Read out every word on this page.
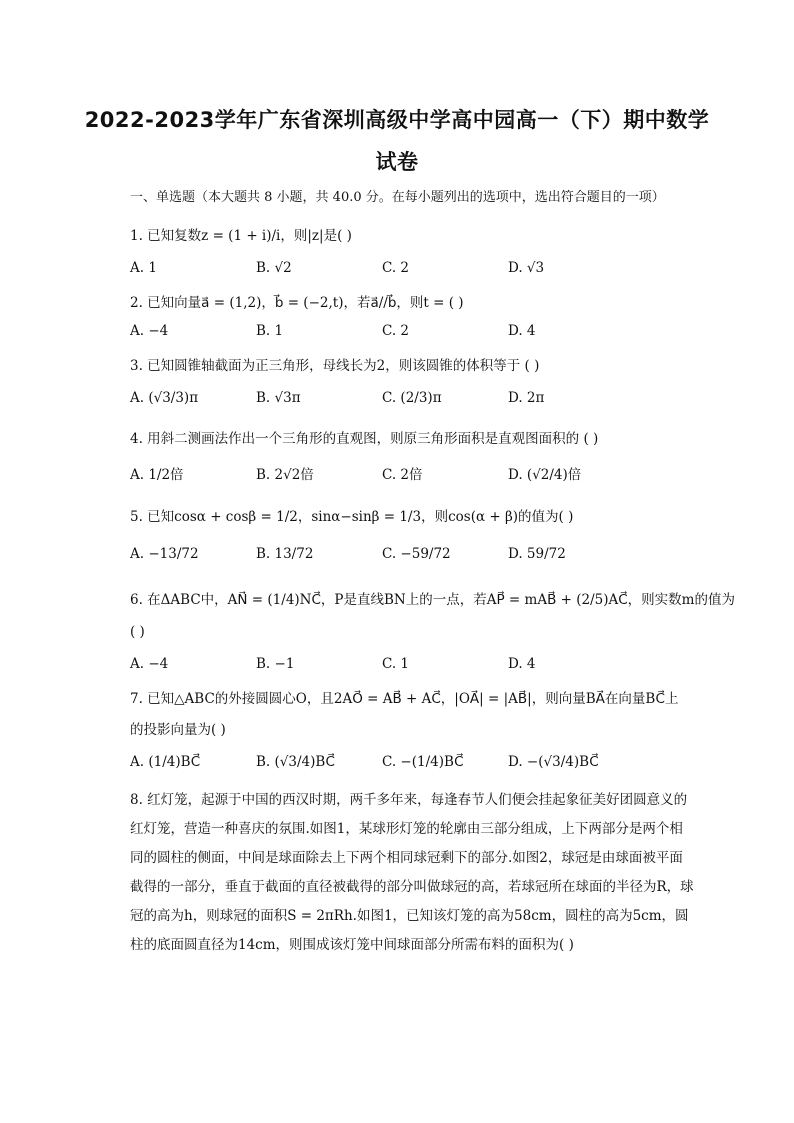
2022-2023学年广东省深圳高级中学高中园高一（下）期中数学
试卷
一、单选题（本大题共 8 小题，共 40.0 分。在每小题列出的选项中，选出符合题目的一项）
1. 已知复数z = (1 + i)/i，则|z|是( )
A. 1	B. √2	C. 2	D. √3
2. 已知向量a⃗ = (1,2)，b⃗ = (−2,t)，若a⃗//b⃗，则t = ( )
A. −4	B. 1	C. 2	D. 4
3. 已知圆锥轴截面为正三角形，母线长为2，则该圆锥的体积等于 ( )
A. (√3/3)π	B. √3π	C. (2/3)π	D. 2π
4. 用斜二测画法作出一个三角形的直观图，则原三角形面积是直观图面积的 ( )
A. 1/2倍	B. 2√2倍	C. 2倍	D. (√2/4)倍
5. 已知cosα + cosβ = 1/2，sinα−sinβ = 1/3，则cos(α + β)的值为( )
A. −13/72	B. 13/72	C. −59/72	D. 59/72
6. 在ΔABC中，AN⃗ = (1/4)NC⃗，P是直线BN上的一点，若AP⃗ = mAB⃗ + (2/5)AC⃗，则实数m的值为
( )
A. −4	B. −1	C. 1	D. 4
7. 已知△ABC的外接圆圆心O，且2AO⃗ = AB⃗ + AC⃗，|OA⃗| = |AB⃗|，则向量BA⃗在向量BC⃗上
的投影向量为( )
A. (1/4)BC⃗	B. (√3/4)BC⃗	C. −(1/4)BC⃗	D. −(√3/4)BC⃗
8. 红灯笼，起源于中国的西汉时期，两千多年来，每逢春节人们便会挂起象征美好团圆意义的红灯笼，营造一种喜庆的氛围.如图1，某球形灯笼的轮廓由三部分组成，上下两部分是两个相同的圆柱的侧面，中间是球面除去上下两个相同球冠剩下的部分.如图2，球冠是由球面被平面截得的一部分，垂直于截面的直径被截得的部分叫做球冠的高，若球冠所在球面的半径为R，球冠的高为h，则球冠的面积S = 2πRh.如图1，已知该灯笼的高为58cm，圆柱的高为5cm，圆柱的底面圆直径为14cm，则围成该灯笼中间球面部分所需布料的面积为( )
